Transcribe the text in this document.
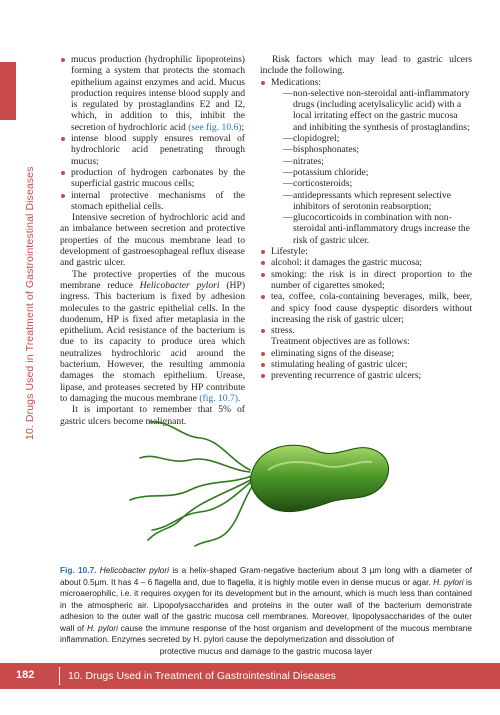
10. Drugs Used in Treatment of Gastrointestinal Diseases
mucus production (hydrophilic lipoproteins) forming a system that protects the stomach epithelium against enzymes and acid. Mucus production requires intense blood supply and is regulated by prostaglandins E2 and I2, which, in addition to this, inhibit the secretion of hydrochloric acid (see fig. 10.6);
intense blood supply ensures removal of hydrochloric acid penetrating through mucus;
production of hydrogen carbonates by the superficial gastric mucous cells;
internal protective mechanisms of the stomach epithelial cells.

Intensive secretion of hydrochloric acid and an imbalance between secretion and protective properties of the mucous membrane lead to development of gastroesophageal reflux disease and gastric ulcer.

The protective properties of the mucous membrane reduce Helicobacter pylori (HP) ingress. This bacterium is fixed by adhesion molecules to the gastric epithelial cells. In the duodenum, HP is fixed after metaplasia in the epithelium. Acid resistance of the bacterium is due to its capacity to produce urea which neutralizes hydrochloric acid around the bacterium. However, the resulting ammonia damages the stomach epithelium. Urease, lipase, and proteases secreted by HP contribute to damaging the mucous membrane (fig. 10.7).

It is important to remember that 5% of gastric ulcers become malignant.

Risk factors which may lead to gastric ulcers include the following.

Medications:
— non-selective non-steroidal anti-inflammatory drugs (including acetylsalicylic acid) with a local irritating effect on the gastric mucosa and inhibiting the synthesis of prostaglandins;
— clopidogrel;
— bisphosphonates;
— nitrates;
— potassium chloride;
— corticosteroids;
— antidepressants which represent selective inhibitors of serotonin reabsorption;
— glucocorticoids in combination with non-steroidal anti-inflammatory drugs increase the risk of gastric ulcer.
Lifestyle:
alcohol: it damages the gastric mucosa;
smoking: the risk is in direct proportion to the number of cigarettes smoked;
tea, coffee, cola-containing beverages, milk, beer, and spicy food cause dyspeptic disorders without increasing the risk of gastric ulcer;
stress.

Treatment objectives are as follows:

eliminating signs of the disease;
stimulating healing of gastric ulcer;
preventing recurrence of gastric ulcers;
Fig. 10.7. Helicobacter pylori is a helix-shaped Gram-negative bacterium about 3 µm long with a diameter of about 0.5µm. It has 4 – 6 flagella and, due to flagella, it is highly motile even in dense mucus or agar. H. pylori is microaerophilic, i.e. it requires oxygen for its development but in the amount, which is much less than contained in the atmospheric air. Lipopolysaccharides and proteins in the outer wall of the bacterium demonstrate adhesion to the outer wall of the gastric mucosa cell membranes. Moreover, lipopolysaccharides of the outer wall of H. pylori cause the immune response of the host organism and development of the mucous membrane inflammation. Enzymes secreted by H. pylori cause the depolymerization and dissolution of
protective mucus and damage to the gastric mucosa layer
182	10. Drugs Used in Treatment of Gastrointestinal Diseases
